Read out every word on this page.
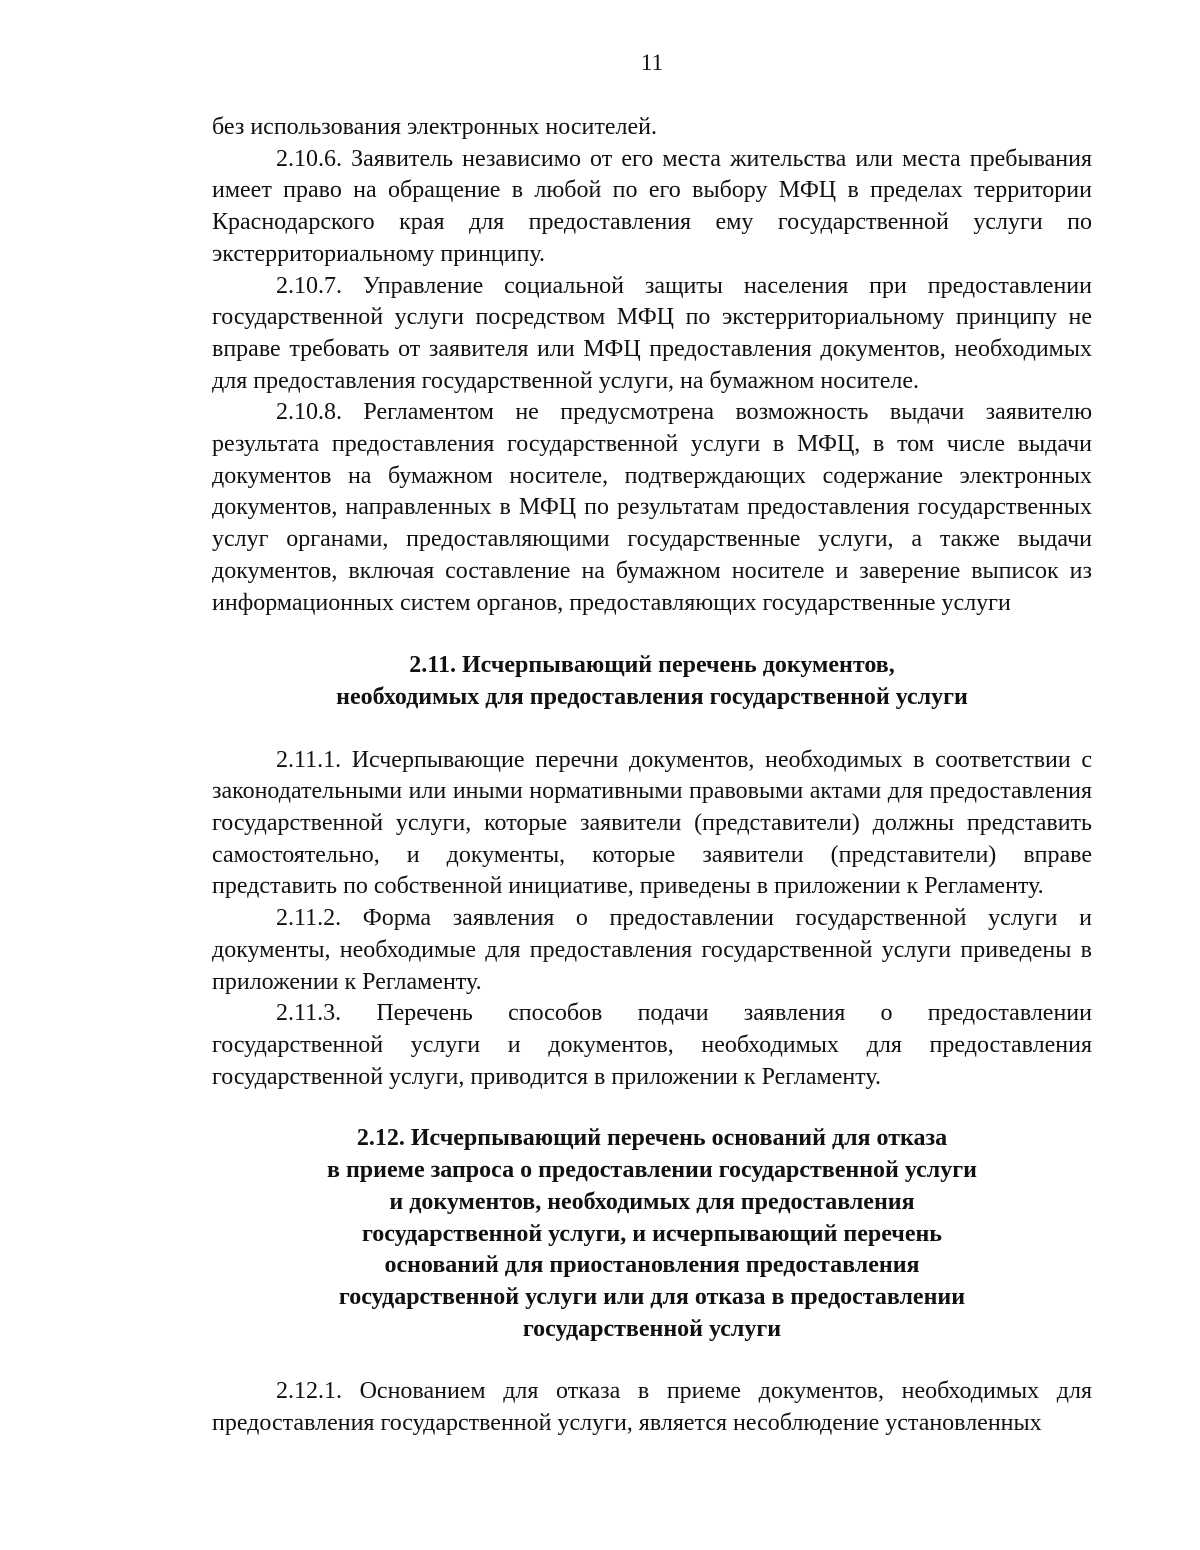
11

без использования электронных носителей.

2.10.6. Заявитель независимо от его места жительства или места пребывания имеет право на обращение в любой по его выбору МФЦ в пределах территории Краснодарского края для предоставления ему государственной услуги по экстерриториальному принципу.

2.10.7. Управление социальной защиты населения при предоставлении государственной услуги посредством МФЦ по экстерриториальному принципу не вправе требовать от заявителя или МФЦ предоставления документов, необходимых для предоставления государственной услуги, на бумажном носителе.

2.10.8. Регламентом не предусмотрена возможность выдачи заявителю результата предоставления государственной услуги в МФЦ, в том числе выдачи документов на бумажном носителе, подтверждающих содержание электронных документов, направленных в МФЦ по результатам предоставления государственных услуг органами, предоставляющими государственные услуги, а также выдачи документов, включая составление на бумажном носителе и заверение выписок из информационных систем органов, предоставляющих государственные услуги

2.11. Исчерпывающий перечень документов,
необходимых для предоставления государственной услуги

2.11.1. Исчерпывающие перечни документов, необходимых в соответствии с законодательными или иными нормативными правовыми актами для предоставления государственной услуги, которые заявители (представители) должны представить самостоятельно, и документы, которые заявители (представители) вправе представить по собственной инициативе, приведены в приложении к Регламенту.

2.11.2. Форма заявления о предоставлении государственной услуги и документы, необходимые для предоставления государственной услуги приведены в приложении к Регламенту.

2.11.3. Перечень способов подачи заявления о предоставлении государственной услуги и документов, необходимых для предоставления государственной услуги, приводится в приложении к Регламенту.

2.12. Исчерпывающий перечень оснований для отказа
в приеме запроса о предоставлении государственной услуги
и документов, необходимых для предоставления
государственной услуги, и исчерпывающий перечень
оснований для приостановления предоставления
государственной услуги или для отказа в предоставлении
государственной услуги

2.12.1. Основанием для отказа в приеме документов, необходимых для предоставления государственной услуги, является несоблюдение установленных
